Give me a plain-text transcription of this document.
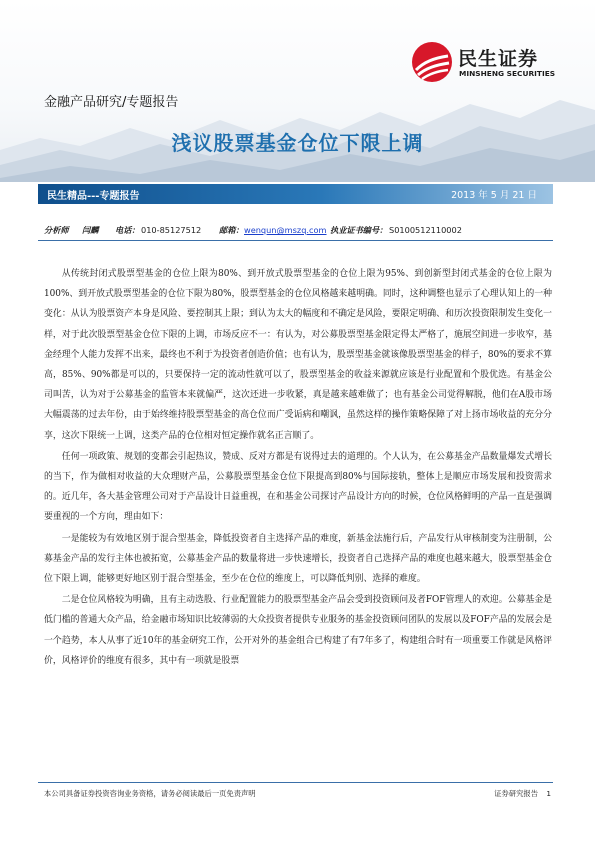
民生证券
MINSHENG SECURITIES
金融产品研究/专题报告
浅议股票基金仓位下限上调
民生精品---专题报告	2013 年 5 月 21 日
分析师 闫麟 电话： 010-85127512 邮箱： wenqun@mszq.com 执业证书编号： S0100512110002

从传统封闭式股票型基金的仓位上限为80%、到开放式股票型基金的仓位上限为95%、到创新型封闭式基金的仓位上限为100%、到开放式股票型基金的仓位下限为80%，股票型基金的仓位风格越来越明确。同时，这种调整也显示了心理认知上的一种变化：从认为股票资产本身是风险、要控制其上限；到认为太大的幅度和不确定是风险，要限定明确、和历次投资限制发生变化一样，对于此次股票型基金仓位下限的上调，市场反应不一：有认为，对公募股票型基金限定得太严格了，施展空间进一步收窄，基金经理个人能力发挥不出来，最终也不利于为投资者创造价值；也有认为，股票型基金就该像股票型基金的样子，80%的要求不算高，85%、90%都是可以的，只要保持一定的流动性就可以了，股票型基金的收益来源就应该是行业配置和个股优选。有基金公司叫苦，认为对于公募基金的监管本来就偏严，这次还进一步收紧，真是越来越难做了；也有基金公司觉得解脱，他们在A股市场大幅震荡的过去年份，由于始终维持股票型基金的高仓位而广受诟病和嘲讽，虽然这样的操作策略保障了对上扬市场收益的充分分享，这次下限统一上调，这类产品的仓位相对恒定操作就名正言顺了。

任何一项政策、规划的变都会引起热议，赞成、反对方都是有说得过去的道理的。个人认为，在公募基金产品数量爆发式增长的当下，作为做相对收益的大众理财产品，公募股票型基金仓位下限提高到80%与国际接轨，整体上是顺应市场发展和投资需求的。近几年，各大基金管理公司对于产品设计日益重视，在和基金公司探讨产品设计方向的时候，仓位风格鲜明的产品一直是强调要重视的一个方向，理由如下：

一是能较为有效地区别于混合型基金，降低投资者自主选择产品的难度，新基金法施行后，产品发行从审核制变为注册制，公募基金产品的发行主体也被拓宽，公募基金产品的数量将进一步快速增长，投资者自己选择产品的难度也越来越大，股票型基金仓位下限上调，能够更好地区别于混合型基金，至少在仓位的维度上，可以降低判别、选择的难度。

二是仓位风格较为明确，且有主动选股、行业配置能力的股票型基金产品会受到投资顾问及者FOF管理人的欢迎。公募基金是低门槛的普通大众产品，给金融市场知识比较薄弱的大众投资者提供专业服务的基金投资顾问团队的发展以及FOF产品的发展会是一个趋势，本人从事了近10年的基金研究工作，公开对外的基金组合已构建了有7年多了，构建组合时有一项重要工作就是风格评价，风格评价的维度有很多，其中有一项就是股票

本公司具备证券投资咨询业务资格，请务必阅读最后一页免责声明	证券研究报告 1
